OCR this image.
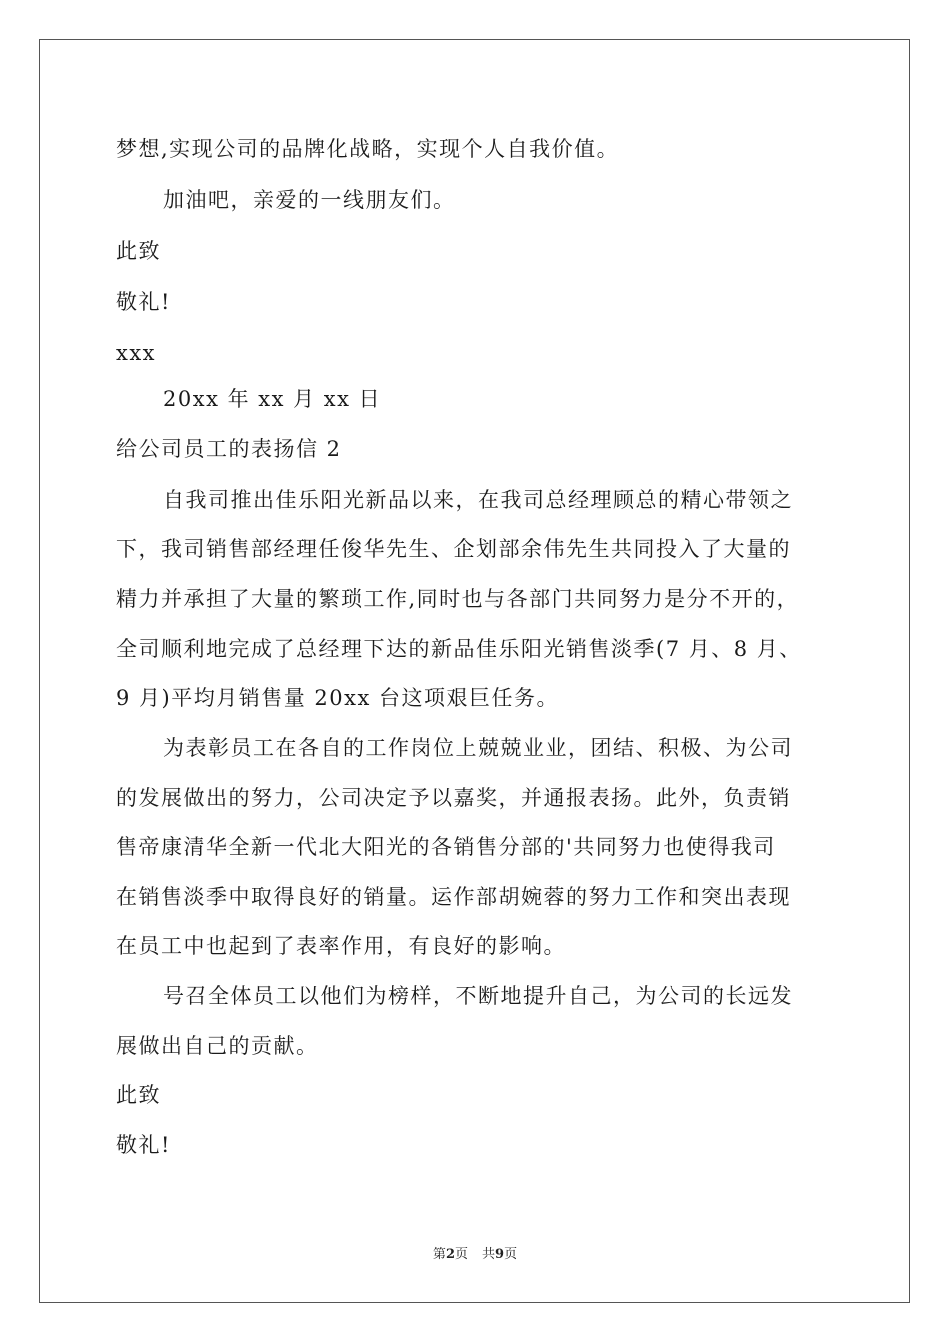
梦想,实现公司的品牌化战略，实现个人自我价值。
加油吧，亲爱的一线朋友们。
此致
敬礼!
xxx
20xx 年 xx 月 xx 日
给公司员工的表扬信 2
自我司推出佳乐阳光新品以来，在我司总经理顾总的精心带领之
下，我司销售部经理任俊华先生、企划部余伟先生共同投入了大量的
精力并承担了大量的繁琐工作,同时也与各部门共同努力是分不开的，
全司顺利地完成了总经理下达的新品佳乐阳光销售淡季(7 月、8 月、
9 月)平均月销售量 20xx 台这项艰巨任务。
为表彰员工在各自的工作岗位上兢兢业业，团结、积极、为公司
的发展做出的努力，公司决定予以嘉奖，并通报表扬。此外，负责销
售帝康清华全新一代北大阳光的各销售分部的'共同努力也使得我司
在销售淡季中取得良好的销量。运作部胡婉蓉的努力工作和突出表现
在员工中也起到了表率作用，有良好的影响。
号召全体员工以他们为榜样，不断地提升自己，为公司的长远发
展做出自己的贡献。
此致
敬礼!
第2页 共9页
